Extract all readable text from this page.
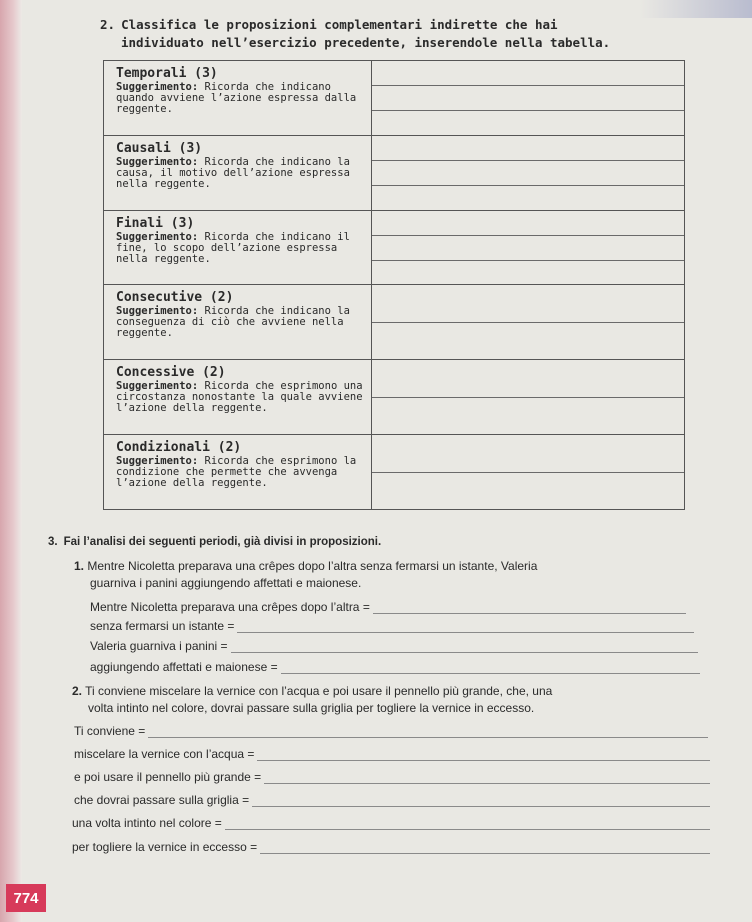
2. Classifica le proposizioni complementari indirette che hai
individuato nell’esercizio precedente, inserendole nella tabella.

Temporali (3)
Suggerimento: Ricorda che indicano quando avviene l’azione espressa dalla reggente.
Causali (3)
Suggerimento: Ricorda che indicano la causa, il motivo dell’azione espressa nella reggente.
Finali (3)
Suggerimento: Ricorda che indicano il fine, lo scopo dell’azione espressa nella reggente.
Consecutive (2)
Suggerimento: Ricorda che indicano la conseguenza di ciò che avviene nella reggente.
Concessive (2)
Suggerimento: Ricorda che esprimono una circostanza nonostante la quale avviene l’azione della reggente.
Condizionali (2)
Suggerimento: Ricorda che esprimono la condizione che permette che avvenga l’azione della reggente.

3. Fai l’analisi dei seguenti periodi, già divisi in proposizioni.

1. Mentre Nicoletta preparava una crêpes dopo l’altra senza fermarsi un istante, Valeria
guarniva i panini aggiungendo affettati e maionese.
Mentre Nicoletta preparava una crêpes dopo l’altra =
senza fermarsi un istante =
Valeria guarniva i panini =
aggiungendo affettati e maionese =
2. Ti conviene miscelare la vernice con l’acqua e poi usare il pennello più grande, che, una
volta intinto nel colore, dovrai passare sulla griglia per togliere la vernice in eccesso.
Ti conviene =
miscelare la vernice con l’acqua =
e poi usare il pennello più grande =
che dovrai passare sulla griglia =
una volta intinto nel colore =
per togliere la vernice in eccesso =
774
